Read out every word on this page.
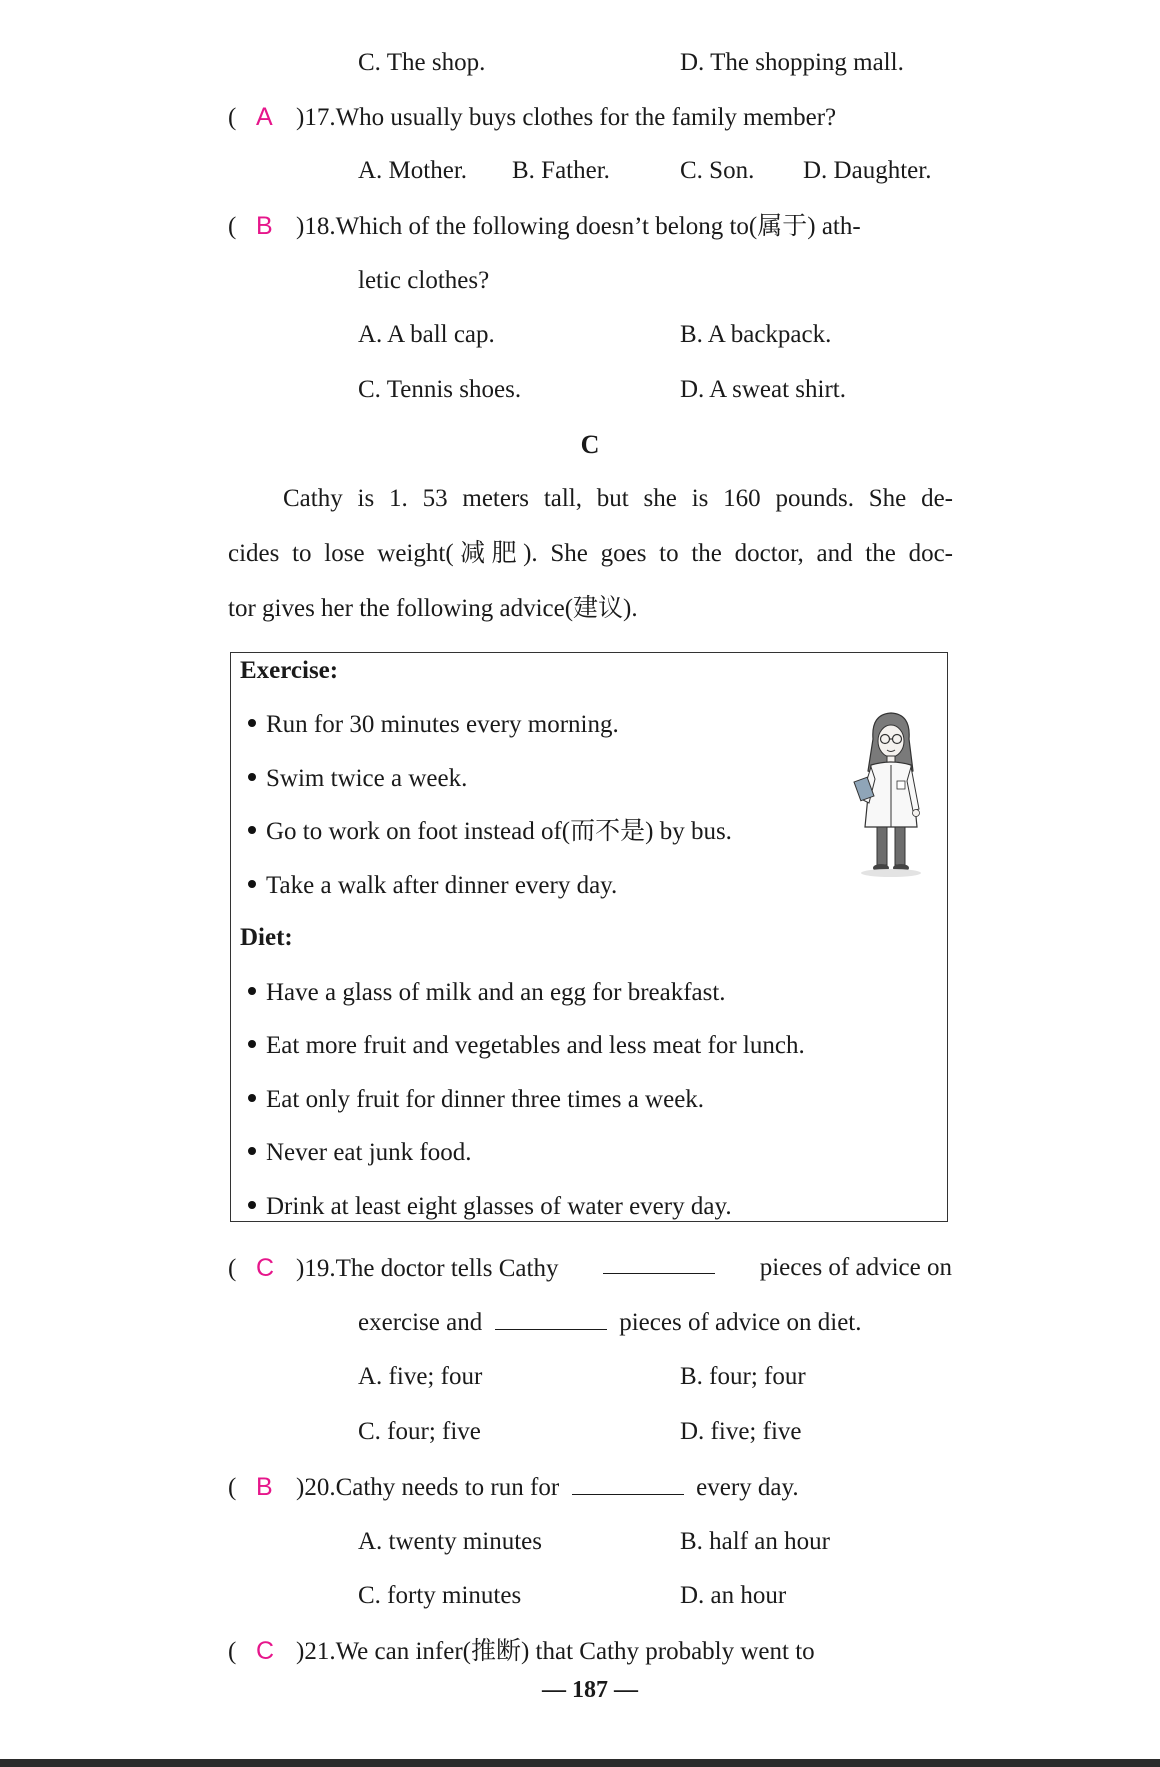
C. The shop.	D. The shopping mall.
( A )17.Who usually buys clothes for the family member?
A. Mother. B. Father.	C. Son. D. Daughter.
( B )18.Which of the following doesn’t belong to(属于) ath-
letic clothes?
A. A ball cap.	B. A backpack.
C. Tennis shoes.	D. A sweat shirt.
C
Cathy is 1. 53 meters tall, but she is 160 pounds. She de-
cides to lose weight(减肥). She goes to the doctor, and the doc-
tor gives her the following advice(建议).
Exercise:
Run for 30 minutes every morning.
Swim twice a week.
Go to work on foot instead of(而不是) by bus.
Take a walk after dinner every day.
Diet:
Have a glass of milk and an egg for breakfast.
Eat more fruit and vegetables and less meat for lunch.
Eat only fruit for dinner three times a week.
Never eat junk food.
Drink at least eight glasses of water every day.
( C )19.The doctor tells Cathy	pieces of advice on
exercise and	pieces of advice on diet.
A. five; four	B. four; four
C. four; five	D. five; five
( B )20.Cathy needs to run for	every day.
A. twenty minutes	B. half an hour
C. forty minutes	D. an hour
( C )21.We can infer(推断) that Cathy probably went to
— 187 —
